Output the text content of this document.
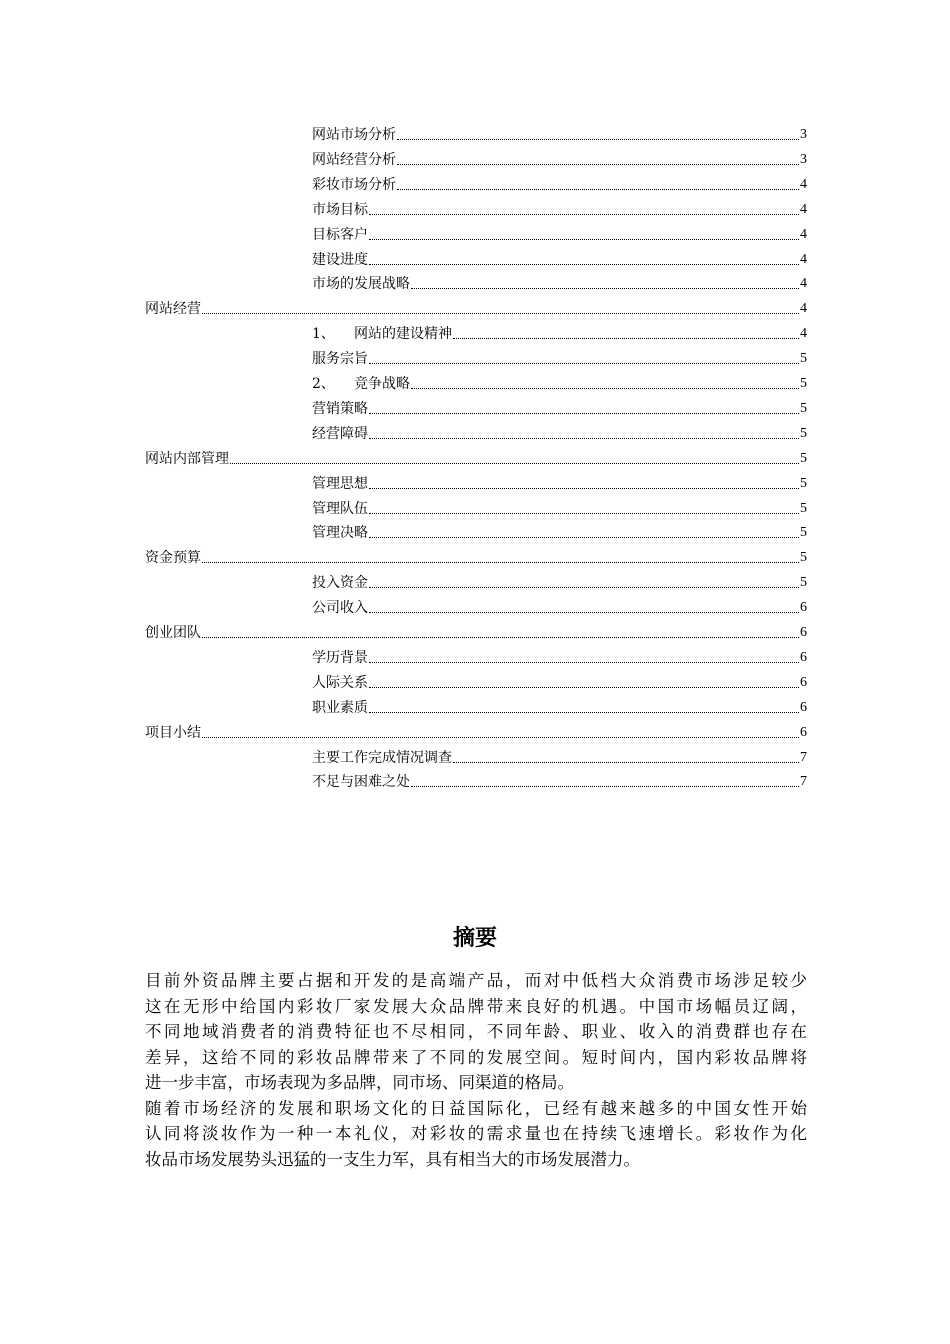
网站市场分析	3
网站经营分析	3
彩妆市场分析	4
市场目标	4
目标客户	4
建设进度	4
市场的发展战略	4
网站经营	4
1、 网站的建设精神	4
服务宗旨	5
2、 竞争战略	5
营销策略	5
经营障碍	5
网站内部管理	5
管理思想	5
管理队伍	5
管理决略	5
资金预算	5
投入资金	5
公司收入	6
创业团队	6
学历背景	6
人际关系	6
职业素质	6
项目小结	6
主要工作完成情况调查	7
不足与困难之处	7
摘要
目前外资品牌主要占据和开发的是高端产品，而对中低档大众消费市场涉足较少
这在无形中给国内彩妆厂家发展大众品牌带来良好的机遇。中国市场幅员辽阔，
不同地域消费者的消费特征也不尽相同，不同年龄、职业、收入的消费群也存在
差异，这给不同的彩妆品牌带来了不同的发展空间。短时间内，国内彩妆品牌将
进一步丰富，市场表现为多品牌，同市场、同渠道的格局。
随着市场经济的发展和职场文化的日益国际化，已经有越来越多的中国女性开始
认同将淡妆作为一种一本礼仪，对彩妆的需求量也在持续飞速增长。彩妆作为化
妆品市场发展势头迅猛的一支生力军，具有相当大的市场发展潜力。
